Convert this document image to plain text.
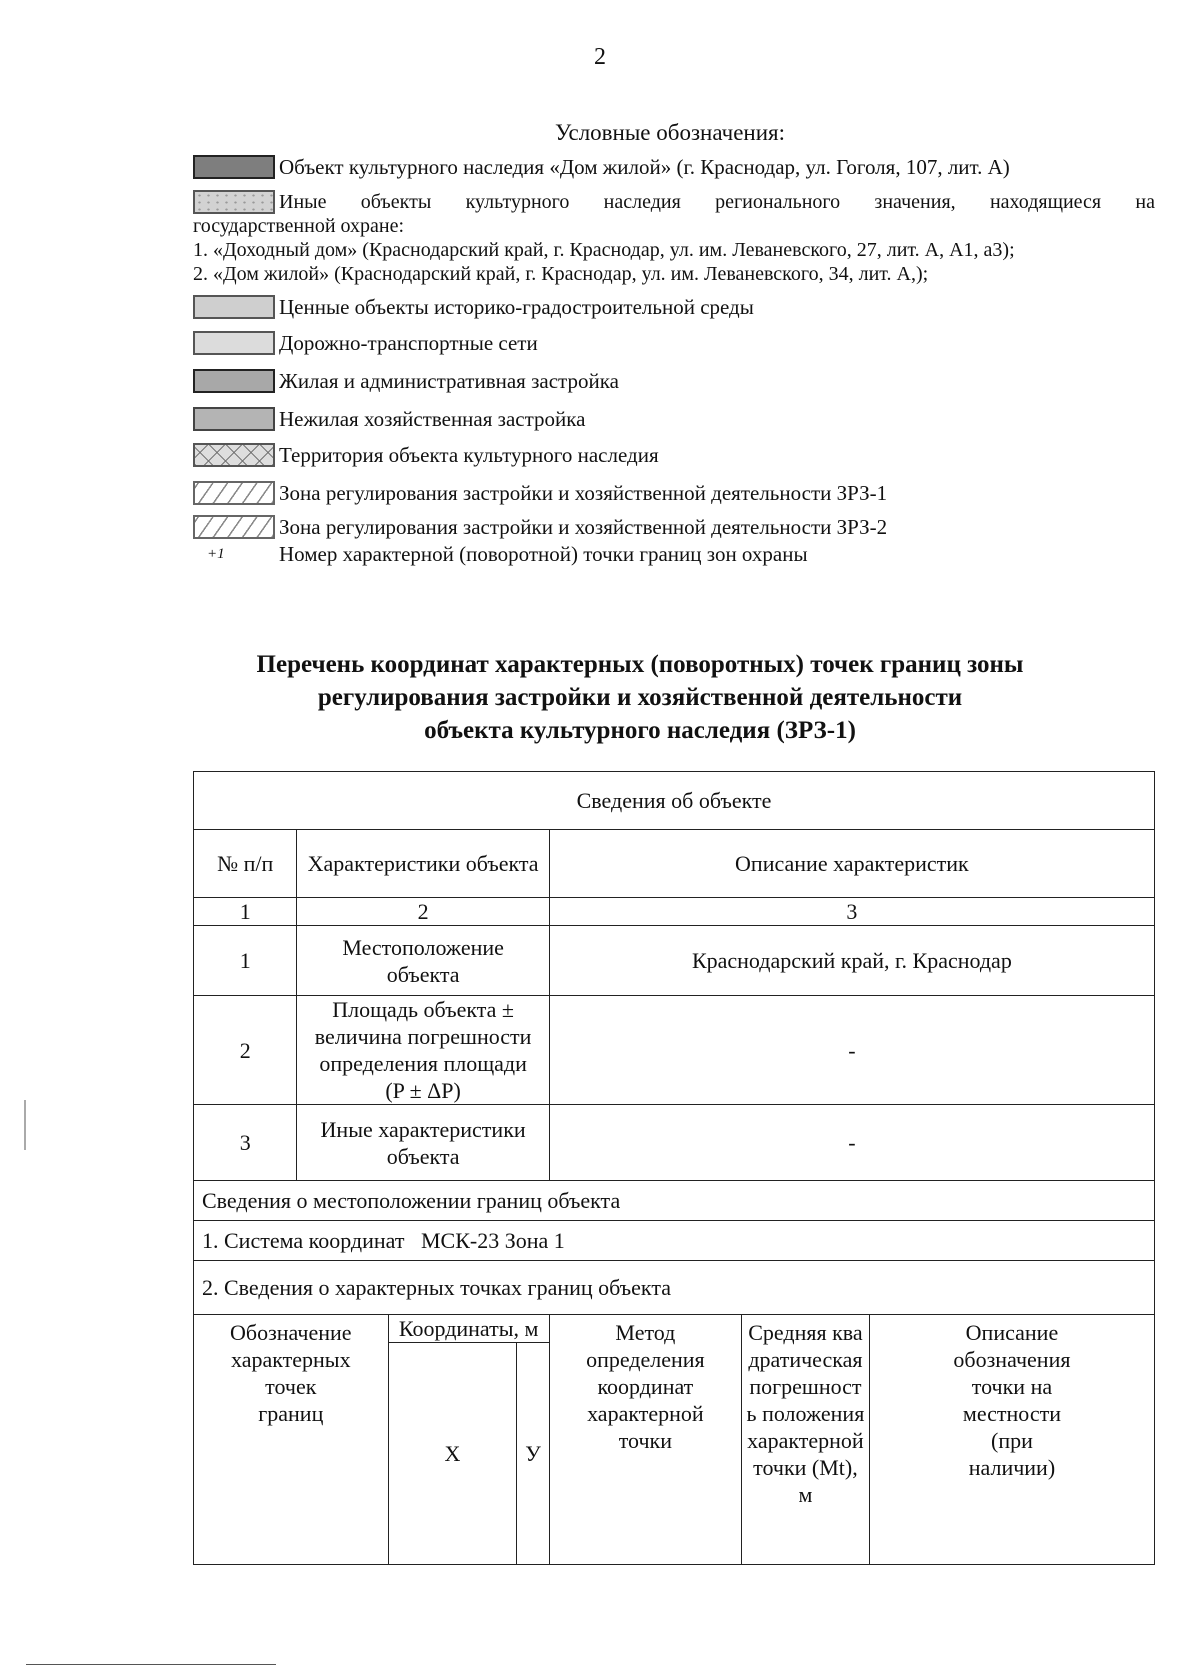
2
Условные обозначения:
Объект культурного наследия «Дом жилой» (г. Краснодар, ул. Гоголя, 107, лит. А)
Иные объекты культурного наследия регионального значения, находящиеся на
государственной охране:
1. «Доходный дом» (Краснодарский край, г. Краснодар, ул. им. Леваневского, 27, лит. А, А1, а3);
2. «Дом жилой» (Краснодарский край, г. Краснодар, ул. им. Леваневского, 34, лит. А,);
Ценные объекты историко-градостроительной среды
Дорожно-транспортные сети
Жилая и административная застройка
Нежилая хозяйственная застройка
Территория объекта культурного наследия
Зона регулирования застройки и хозяйственной деятельности ЗРЗ-1
Зона регулирования застройки и хозяйственной деятельности ЗРЗ-2
+1	Номер характерной (поворотной) точки границ зон охраны
Перечень координат характерных (поворотных) точек границ зоны
регулирования застройки и хозяйственной деятельности
объекта культурного наследия (ЗРЗ-1)
Сведения об объекте						
№ п/п	Характеристики объекта			Описание характеристик		
1	2			3		
1	Местоположение объекта			Краснодарский край, г. Краснодар		
2	Площадь объекта ± величина погрешности определения площади (P ± ΔP)			-		
3	Иные характеристики объекта			-		
Сведения о местоположении границ объекта						
1. Система координат   МСК-23 Зона 1						
2. Сведения о характерных точках границ объекта						
Обозначение характерных точек границ		Координаты, м		Метод определения координат характерной точки	Средняя квадратическая погрешность положения характерной точки (Mt), м	Описание обозначения точки на местности (при наличии)
		Х	У			
